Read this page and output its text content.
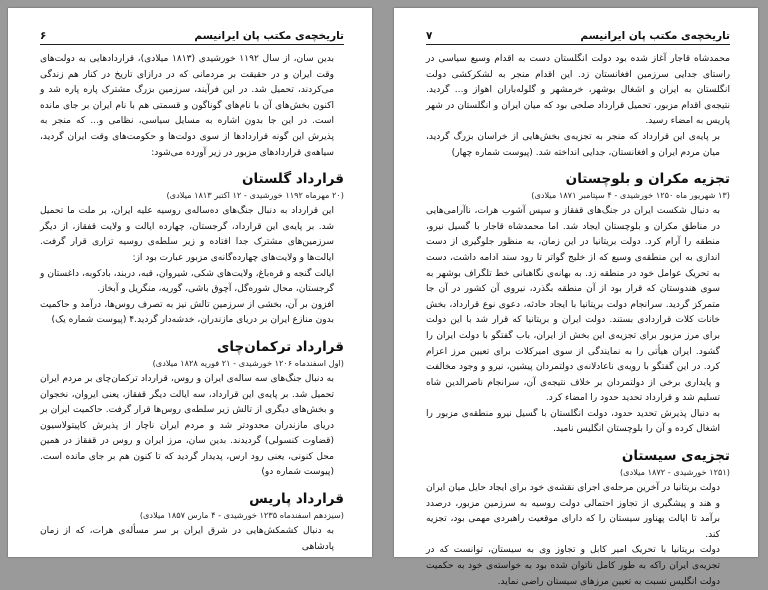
تاریخچه‌ی مکتب پان ایرانیسم
۶

بدین سان، از سال ۱۱۹۲ خورشیدی (۱۸۱۳ میلادی)، قراردادهایی به دولت‌های وقت ایران و در حقیقت بر مردمانی که در درازای تاریخ در کنار هم زندگی می‌کردند، تحمیل شد. در این فرآیند، سرزمین بزرگ مشترک پاره پاره شد و اکنون بخش‌های آن با نام‌های گوناگون و قسمتی هم با نام ایران بر جای مانده است. در این جا بدون اشاره به مسایل سیاسی، نظامی و... که منجر به پذیرش این گونه قراردادها از سوی دولت‌ها و حکومت‌های وقت ایران گردید، سیاهه‌ی قراردادهای مزبور در زیر آورده می‌شود:

قرارداد گلستان
(۲۰ مهرماه ۱۱۹۲ خورشیدی - ۱۲ اکتبر ۱۸۱۳ میلادی)

این قرارداد به دنبال جنگ‌های ده‌ساله‌ی روسیه علیه ایران، بر ملت ما تحمیل شد. بر پایه‌ی این قرارداد، گرجستان، چهارده ایالت و ولایت قفقاز، از دیگر سرزمین‌های مشترک جدا افتاده و زیر سلطه‌ی روسیه تزاری قرار گرفت. ایالت‌ها و ولایت‌های چهارده‌گانه‌ی مزبور عبارت بود از:

ایالت گنجه و قره‌باغ، ولایت‌های شکی، شیروان، قبه، دربند، بادکوبه، داغستان و گرجستان، محال شوره‌گل، آچوق باشی، گوریه، منگریل و آبخاز.

افزون بر آن، بخشی از سرزمین تالش نیز به تصرف روس‌ها، درآمد و حاکمیت بدون منازع ایران بر دریای مازندران، خدشه‌دار گردید.۴ (پیوست شماره یک)

قرارداد ترکمان‌چای
(اول اسفندماه ۱۲۰۶ خورشیدی - ۲۱ فوریه ۱۸۲۸ میلادی)

به دنبال جنگ‌های سه ساله‌ی ایران و روس، قرارداد ترکمان‌چای بر مردم ایران تحمیل شد. بر پایه‌ی این قرارداد، سه ایالت دیگر قفقاز، یعنی ایروان، نخجوان و بخش‌های دیگری از تالش زیر سلطه‌ی روس‌ها قرار گرفت. حاکمیت ایران بر دریای مازندران محدودتر شد و مردم ایران ناچار از پذیرش کاپیتولاسیون (قضاوت کنسولی) گردیدند. بدین سان، مرز ایران و روس در قفقاز در همین محل کنونی، یعنی رود ارس، پدیدار گردید که تا کنون هم بر جای مانده است. (پیوست شماره دو)

قرارداد پاریس
(سیزدهم اسفندماه ۱۲۳۵ خورشیدی - ۴ مارس ۱۸۵۷ میلادی)

به دنبال کشمکش‌هایی در شرق ایران بر سر مسأله‌ی هرات، که از زمان پادشاهی

تاریخچه‌ی مکتب پان ایرانیسم
۷

محمدشاه قاجار آغاز شده بود دولت انگلستان دست به اقدام وسیع سیاسی در راستای جدایی سرزمین افغانستان زد. این اقدام منجر به لشکرکشی دولت انگلستان به ایران و اشغال بوشهر، خرمشهر و گلوله‌باران اهواز و... گردید. نتیجه‌ی اقدام مزبور، تحمیل قرارداد صلحی بود که میان ایران و انگلستان در شهر پاریس به امضاء رسید.

بر پایه‌ی این قرارداد که منجر به تجزیه‌ی بخش‌هایی از خراسان بزرگ گردید، میان مردم ایران و افغانستان، جدایی انداخته شد. (پیوست شماره چهار)

تجزیه مکران و بلوچستان
(۱۳ شهریور ماه ۱۲۵۰ خورشیدی - ۴ سپتامبر ۱۸۷۱ میلادی)

به دنبال شکست ایران در جنگ‌های قفقاز و سپس آشوب هرات، ناآرامی‌هایی در مناطق مکران و بلوچستان ایجاد شد. اما محمدشاه قاجار با گسیل نیرو، منطقه را آرام کرد. دولت بریتانیا در این زمان، به منظور جلوگیری از دست اندازی به این منطقه‌ی وسیع که از خلیج گواتر تا رود سند ادامه داشت، دست به تحریک عوامل خود در منطقه زد. به بهانه‌ی نگاهبانی خط تلگراف بوشهر به سوی هندوستان که قرار بود از آن منطقه بگذرد، نیروی آن کشور در آن جا متمرکز گردید. سرانجام دولت بریتانیا با ایجاد حادثه، دعوی نوع قرارداد، بخش خانات کلات قراردادی بستند. دولت ایران و بریتانیا که قرار شد با این دولت برای مرز مزبور برای تجزیه‌ی این بخش از ایران، باب گفتگو با دولت ایران را گشود. ایران هیأتی را به نمایندگی از سوی امیرکلات برای تعیین مرز اعزام کرد. در این گفتگو با رویه‌ی ناعادلانه‌ی دولتمردان پیشین، نیرو و وجود مخالفت و پایداری برخی از دولتمردان بر خلاف نتیجه‌ی آن، سرانجام ناصرالدین شاه تسلیم شد و قرارداد تحدید حدود را امضاء کرد.

به دنبال پذیرش تحدید حدود، دولت انگلستان با گسیل نیرو منطقه‌ی مزبور را اشغال کرده و آن را بلوچستان انگلیس نامید.

تجزیه‌ی سیستان
(۱۲۵۱ خورشیدی - ۱۸۷۲ میلادی)

دولت بریتانیا در آخرین مرحله‌ی اجرای نقشه‌ی خود برای ایجاد حایل میان ایران و هند و پیشگیری از تجاوز احتمالی دولت روسیه به سرزمین مزبور، درصدد برآمد تا ایالت پهناور سیستان را که دارای موقعیت راهبردی مهمی بود، تجزیه کند.

دولت بریتانیا با تحریک امیر کابل و تجاوز وی به سیستان، توانست که در تجزیه‌ی ایران راکه به طور کامل ناتوان شده بود به خواسته‌ی خود به حکمیت دولت انگلیس نسبت به تعیین مرزهای سیستان راضی نماید.
